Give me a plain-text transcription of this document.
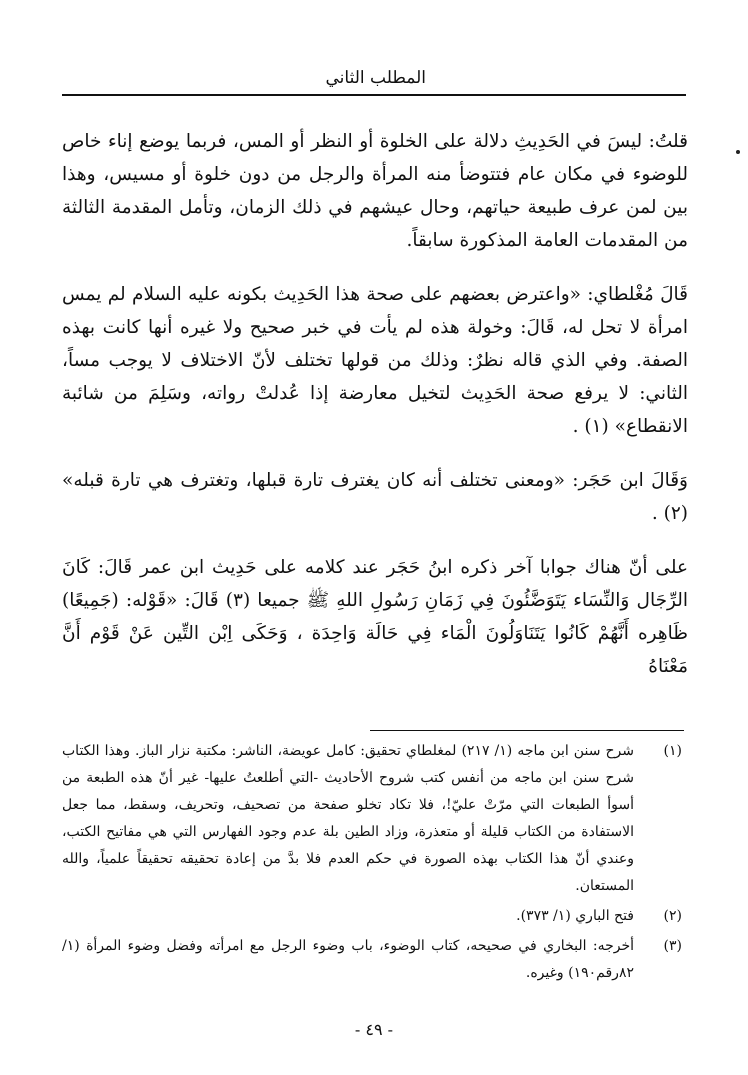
المطلب الثاني

قلتُ: ليسَ في الحَدِيثِ دلالة على الخلوة أو النظر أو المس، فربما يوضع إناء خاص للوضوء في مكان عام فتتوضأ منه المرأة والرجل من دون خلوة أو مسيس، وهذا بين لمن عرف طبيعة حياتهم، وحال عيشهم في ذلك الزمان، وتأمل المقدمة الثالثة من المقدمات العامة المذكورة سابقاً.

قَالَ مُغْلطاي: «واعترض بعضهم على صحة هذا الحَدِيث بكونه عليه السلام لم يمس امرأة لا تحل له، قَالَ: وخولة هذه لم يأت في خبر صحيح ولا غيره أنها كانت بهذه الصفة. وفي الذي قاله نظرٌ: وذلك من قولها تختلف لأنّ الاختلاف لا يوجب مساً، الثاني: لا يرفع صحة الحَدِيث لتخيل معارضة إذا عُدلتْ رواته، وسَلِمَ من شائبة الانقطاع» (١) .

وَقَالَ ابن حَجَر: «ومعنى تختلف أنه كان يغترف تارة قبلها، وتغترف هي تارة قبله» (٢) .

على أنّ هناك جوابا آخر ذكره ابنُ حَجَر عند كلامه على حَدِيث ابن عمر قَالَ: كَانَ الرِّجَال وَالنِّسَاء يَتَوَضَّئُونَ فِي زَمَانِ رَسُولِ اللهِ ﷺ جميعا (٣) قَالَ: «قَوْله: (جَمِيعًا) ظَاهِره أَنَّهُمْ كَانُوا يَتَنَاوَلُونَ الْمَاء فِي حَالَة وَاحِدَة ، وَحَكَى اِبْن التِّين عَنْ قَوْم أَنَّ مَعْنَاهُ

(١)
شرح سنن ابن ماجه (١/ ٢١٧) لمغلطاي تحقيق: كامل عويضة، الناشر: مكتبة نزار الباز. وهذا الكتاب شرح سنن ابن ماجه من أنفس كتب شروح الأحاديث -التي أطلعتُ عليها- غير أنّ هذه الطبعة من أسوأ الطبعات التي مرّتْ عليّ!، فلا تكاد تخلو صفحة من تصحيف، وتحريف، وسقط، مما جعل الاستفادة من الكتاب قليلة أو متعذرة، وزاد الطين بلة عدم وجود الفهارس التي هي مفاتيح الكتب، وعندي أنّ هذا الكتاب بهذه الصورة في حكم العدم فلا بدَّ من إعادة تحقيقه تحقيقاً علمياً، والله المستعان.
(٢)
فتح الباري (١/ ٣٧٣).
(٣)
أخرجه: البخاري في صحيحه، كتاب الوضوء، باب وضوء الرجل مع امرأته وفضل وضوء المرأة (١/ ٨٢رقم١٩٠) وغيره.
- ٤٩ -
